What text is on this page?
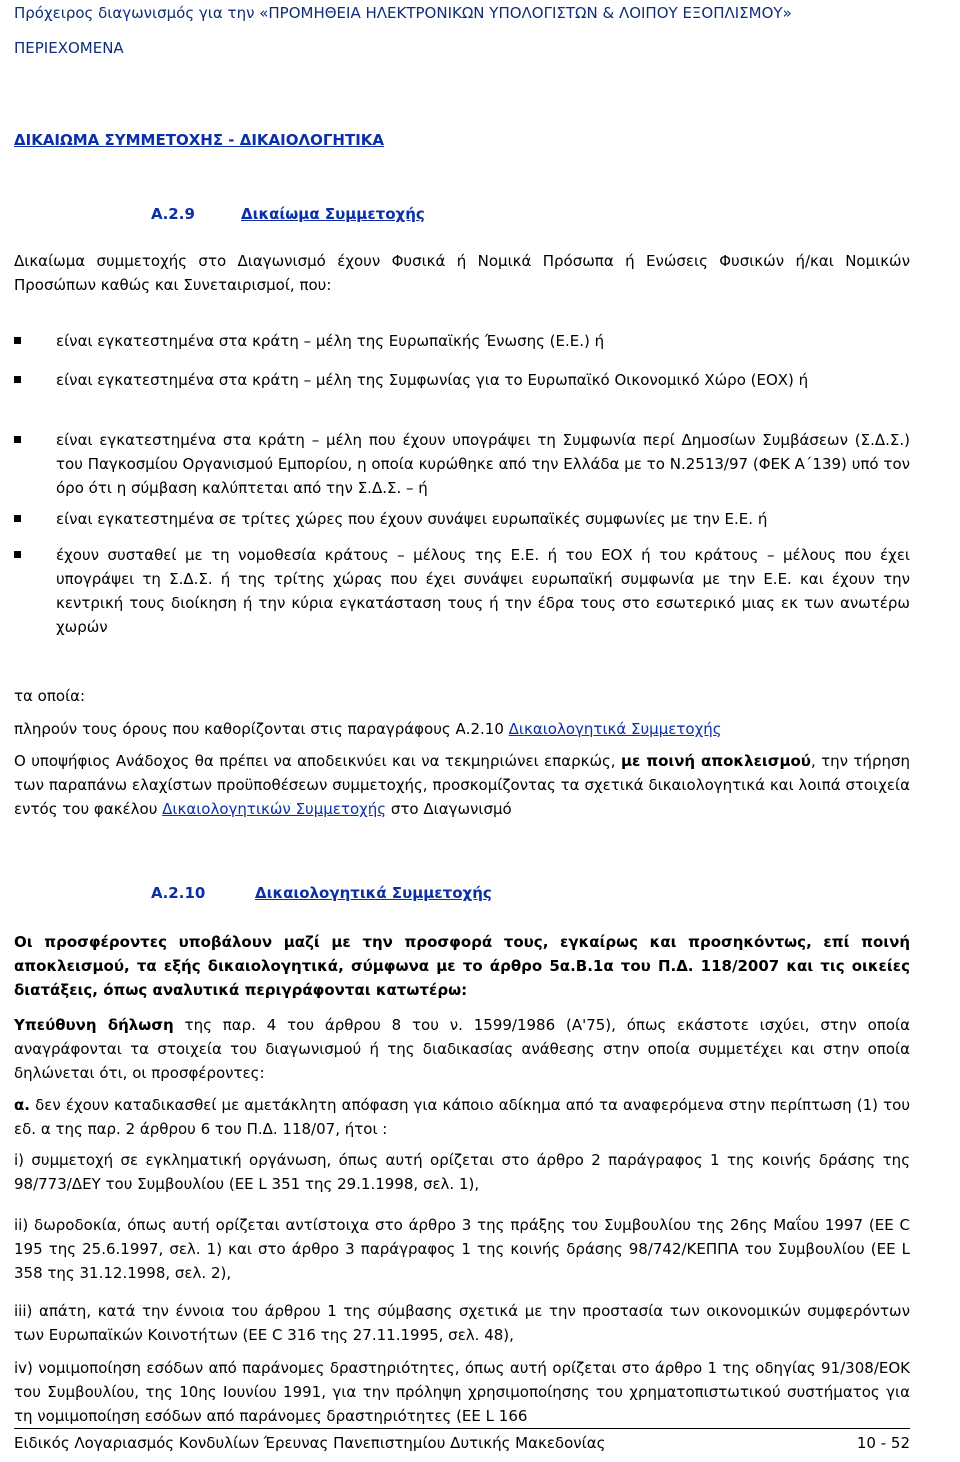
Πρόχειρος διαγωνισμός για την «ΠΡΟΜΗΘΕΙΑ ΗΛΕΚΤΡΟΝΙΚΩΝ ΥΠΟΛΟΓΙΣΤΩΝ & ΛΟΙΠΟΥ ΕΞΟΠΛΙΣΜΟΥ»
ΠΕΡΙΕΧΟΜΕΝΑ
ΔΙΚΑΙΩΜΑ ΣΥΜΜΕΤΟΧΗΣ - ΔΙΚΑΙΟΛΟΓΗΤΙΚΑ
Α.2.9	Δικαίωμα Συμμετοχής
Δικαίωμα συμμετοχής στο Διαγωνισμό έχουν Φυσικά ή Νομικά Πρόσωπα ή Ενώσεις Φυσικών ή/και Νομικών Προσώπων καθώς και Συνεταιρισμοί, που:
είναι εγκατεστημένα στα κράτη – μέλη της Ευρωπαϊκής Ένωσης (Ε.Ε.) ή
είναι εγκατεστημένα στα κράτη – μέλη της Συμφωνίας για το Ευρωπαϊκό Οικονομικό Χώρο (ΕΟΧ) ή
είναι εγκατεστημένα στα κράτη – μέλη που έχουν υπογράψει τη Συμφωνία περί Δημοσίων Συμβάσεων (Σ.Δ.Σ.) του Παγκοσμίου Οργανισμού Εμπορίου, η οποία κυρώθηκε από την Ελλάδα με το Ν.2513/97 (ΦΕΚ Α΄139) υπό τον όρο ότι η σύμβαση καλύπτεται από την Σ.Δ.Σ. – ή
είναι εγκατεστημένα σε τρίτες χώρες που έχουν συνάψει ευρωπαϊκές συμφωνίες με την Ε.Ε. ή
έχουν συσταθεί με τη νομοθεσία κράτους – μέλους της Ε.Ε. ή του ΕΟΧ ή του κράτους – μέλους που έχει υπογράψει τη Σ.Δ.Σ. ή της τρίτης χώρας που έχει συνάψει ευρωπαϊκή συμφωνία με την Ε.Ε. και έχουν την κεντρική τους διοίκηση ή την κύρια εγκατάσταση τους ή την έδρα τους στο εσωτερικό μιας εκ των ανωτέρω χωρών
τα οποία:
πληρούν τους όρους που καθορίζονται στις παραγράφους Α.2.10 Δικαιολογητικά Συμμετοχής
Ο υποψήφιος Ανάδοχος θα πρέπει να αποδεικνύει και να τεκμηριώνει επαρκώς, με ποινή αποκλεισμού, την τήρηση των παραπάνω ελαχίστων προϋποθέσεων συμμετοχής, προσκομίζοντας τα σχετικά δικαιολογητικά και λοιπά στοιχεία εντός του φακέλου Δικαιολογητικών Συμμετοχής στο Διαγωνισμό
Α.2.10	Δικαιολογητικά Συμμετοχής
Οι προσφέροντες υποβάλουν μαζί με την προσφορά τους, εγκαίρως και προσηκόντως, επί ποινή αποκλεισμού, τα εξής δικαιολογητικά, σύμφωνα με το άρθρο 5α.Β.1α του Π.Δ. 118/2007 και τις οικείες διατάξεις, όπως αναλυτικά περιγράφονται κατωτέρω:
Υπεύθυνη δήλωση της παρ. 4 του άρθρου 8 του ν. 1599/1986 (Α'75), όπως εκάστοτε ισχύει, στην οποία αναγράφονται τα στοιχεία του διαγωνισμού ή της διαδικασίας ανάθεσης στην οποία συμμετέχει και στην οποία δηλώνεται ότι, οι προσφέροντες:
α. δεν έχουν καταδικασθεί με αμετάκλητη απόφαση για κάποιο αδίκημα από τα αναφερόμενα στην περίπτωση (1) του εδ. α της παρ. 2 άρθρου 6 του Π.Δ. 118/07, ήτοι :
i) συμμετοχή σε εγκληματική οργάνωση, όπως αυτή ορίζεται στο άρθρο 2 παράγραφος 1 της κοινής δράσης της 98/773/ΔΕΥ του Συμβουλίου (ΕΕ L 351 της 29.1.1998, σελ. 1),
ii) δωροδοκία, όπως αυτή ορίζεται αντίστοιχα στο άρθρο 3 της πράξης του Συμβουλίου της 26ης Μαΐου 1997 (ΕΕ C 195 της 25.6.1997, σελ. 1) και στο άρθρο 3 παράγραφος 1 της κοινής δράσης 98/742/ΚΕΠΠΑ του Συμβουλίου (ΕΕ L 358 της 31.12.1998, σελ. 2),
iii) απάτη, κατά την έννοια του άρθρου 1 της σύμβασης σχετικά με την προστασία των οικονομικών συμφερόντων των Ευρωπαϊκών Κοινοτήτων (ΕΕ C 316 της 27.11.1995, σελ. 48),
iv) νομιμοποίηση εσόδων από παράνομες δραστηριότητες, όπως αυτή ορίζεται στο άρθρο 1 της οδηγίας 91/308/ΕΟΚ του Συμβουλίου, της 10ης Ιουνίου 1991, για την πρόληψη χρησιμοποίησης του χρηματοπιστωτικού συστήματος για τη νομιμοποίηση εσόδων από παράνομες δραστηριότητες (ΕΕ L 166
Ειδικός Λογαριασμός Κονδυλίων Έρευνας Πανεπιστημίου Δυτικής Μακεδονίας	10 - 52
